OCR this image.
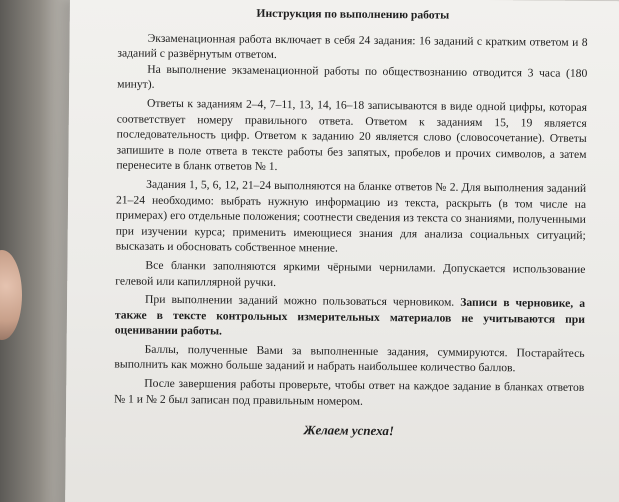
Инструкция по выполнению работы

Экзаменационная работа включает в себя 24 задания: 16 заданий с кратким ответом и 8 заданий с развёрнутым ответом.

На выполнение экзаменационной работы по обществознанию отводится 3 часа (180 минут).

Ответы к заданиям 2–4, 7–11, 13, 14, 16–18 записываются в виде одной цифры, которая соответствует номеру правильного ответа. Ответом к заданиям 15, 19 является последовательность цифр. Ответом к заданию 20 является слово (словосочетание). Ответы запишите в поле ответа в тексте работы без запятых, пробелов и прочих символов, а затем перенесите в бланк ответов № 1.

Задания 1, 5, 6, 12, 21–24 выполняются на бланке ответов № 2. Для выполнения заданий 21–24 необходимо: выбрать нужную информацию из текста, раскрыть (в том числе на примерах) его отдельные положения; соотнести сведения из текста со знаниями, полученными при изучении курса; применить имеющиеся знания для анализа социальных ситуаций; высказать и обосновать собственное мнение.

Все бланки заполняются яркими чёрными чернилами. Допускается использование гелевой или капиллярной ручки.

При выполнении заданий можно пользоваться черновиком. Записи в черновике, а также в тексте контрольных измерительных материалов не учитываются при оценивании работы.

Баллы, полученные Вами за выполненные задания, суммируются. Постарайтесь выполнить как можно больше заданий и набрать наибольшее количество баллов.

После завершения работы проверьте, чтобы ответ на каждое задание в бланках ответов № 1 и № 2 был записан под правильным номером.

Желаем успеха!
